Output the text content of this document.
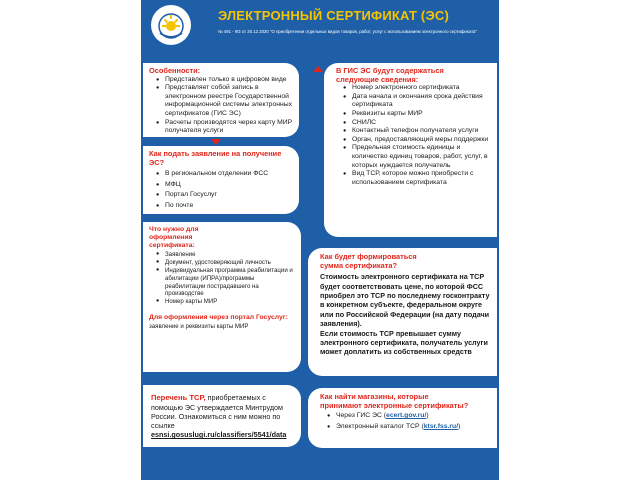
ЭЛЕКТРОННЫЙ СЕРТИФИКАТ (ЭС)
№ 491 - ФЗ от 30.12.2020 "О приобретении отдельных видов товаров, работ, услуг с использованием электронного сертификата"
Особенности:
● Представлен только в цифровом виде
● Представляет собой запись в электронном реестре Государственной информационной системы электронных сертификатов (ГИС ЭС)
● Расчеты производятся через карту МИР получателя услуги
Как подать заявление на получение ЭС?
● В региональном отделении ФСС
● МФЦ
● Портал Госуслуг
● По почте
Что нужно для оформления сертификата:
● Заявление
● Документ, удостоверяющий личность
● Индивидуальная программа реабилитации и абилитации (ИПРА)/программы реабилитации пострадавшего на производстве
● Номер карты МИР
Для оформления через портал Госуслуг: заявление и реквизиты карты МИР
В ГИС ЭС будут содержаться следующие сведения:
● Номер электронного сертификата
● Дата начала и окончания срока действия сертификата
● Реквизиты карты МИР
● СНИЛС
● Контактный телефон получателя услуги
● Орган, предоставляющий меры поддержки
● Предельная стоимость единицы и количество единиц товаров, работ, услуг, в которых нуждается получатель
● Вид ТСР, которое можно приобрести с использованием сертификата
Как будет формироваться сумма сертификата?

Стоимость электронного сертификата на ТСР будет соответствовать цене, по которой ФСС приобрел это ТСР по последнему госконтракту в конкретном субъекте, федеральном округе или по Российской Федерации (на дату подачи заявления).

Если стоимость ТСР превышает сумму электронного сертификата, получатель услуги может доплатить из собственных средств

Перечень ТСР, приобретаемых с помощью ЭС утверждается Минтрудом России. Ознакомиться с ним можно по ссылке
esnsi.gosuslugi.ru/classifiers/5541/data
Как найти магазины, которые принимают электронные сертификаты?
● Через ГИС ЭС (ecert.gov.ru/)
● Электронный каталог ТСР (ktsr.fss.ru/)
